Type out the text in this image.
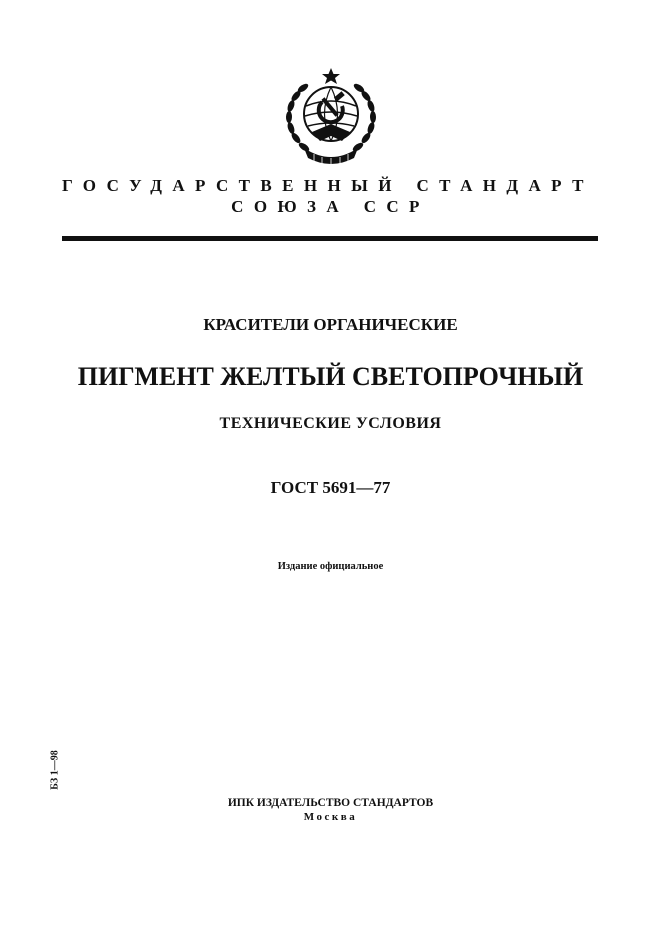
ГОСУДАРСТВЕННЫЙ СТАНДАРТ
СОЮЗА ССР
КРАСИТЕЛИ ОРГАНИЧЕСКИЕ
ПИГМЕНТ ЖЕЛТЫЙ СВЕТОПРОЧНЫЙ
ТЕХНИЧЕСКИЕ УСЛОВИЯ
ГОСТ 5691—77
Издание официальное
БЗ 1—98
ИПК ИЗДАТЕЛЬСТВО СТАНДАРТОВ
Москва
